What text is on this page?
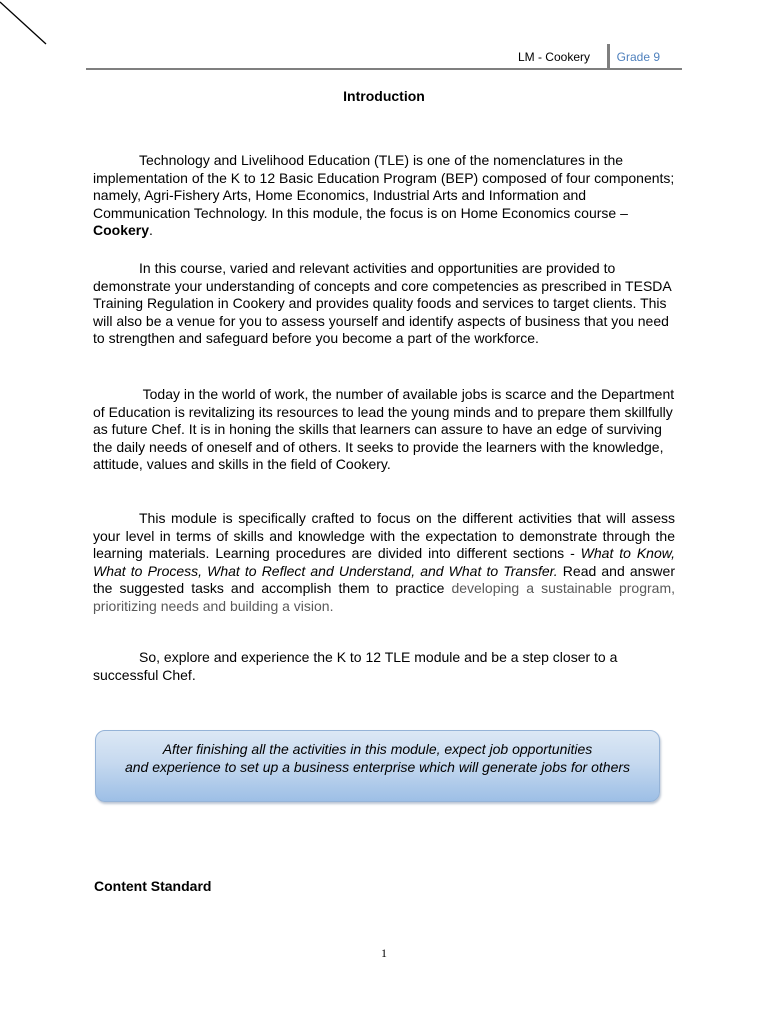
LM - Cookery Grade 9
Introduction

Technology and Livelihood Education (TLE) is one of the nomenclatures in the implementation of the K to 12 Basic Education Program (BEP) composed of four components; namely, Agri-Fishery Arts, Home Economics, Industrial Arts and Information and Communication Technology. In this module, the focus is on Home Economics course – Cookery.

In this course, varied and relevant activities and opportunities are provided to demonstrate your understanding of concepts and core competencies as prescribed in TESDA Training Regulation in Cookery and provides quality foods and services to target clients. This will also be a venue for you to assess yourself and identify aspects of business that you need to strengthen and safeguard before you become a part of the workforce.

Today in the world of work, the number of available jobs is scarce and the Department of Education is revitalizing its resources to lead the young minds and to prepare them skillfully as future Chef. It is in honing the skills that learners can assure to have an edge of surviving the daily needs of oneself and of others. It seeks to provide the learners with the knowledge, attitude, values and skills in the field of Cookery.

This module is specifically crafted to focus on the different activities that will assess your level in terms of skills and knowledge with the expectation to demonstrate through the learning materials. Learning procedures are divided into different sections - What to Know, What to Process, What to Reflect and Understand, and What to Transfer. Read and answer the suggested tasks and accomplish them to practice developing a sustainable program, prioritizing needs and building a vision.

So, explore and experience the K to 12 TLE module and be a step closer to a successful Chef.

After finishing all the activities in this module, expect job opportunities
and experience to set up a business enterprise which will generate jobs for others
Content Standard
1
